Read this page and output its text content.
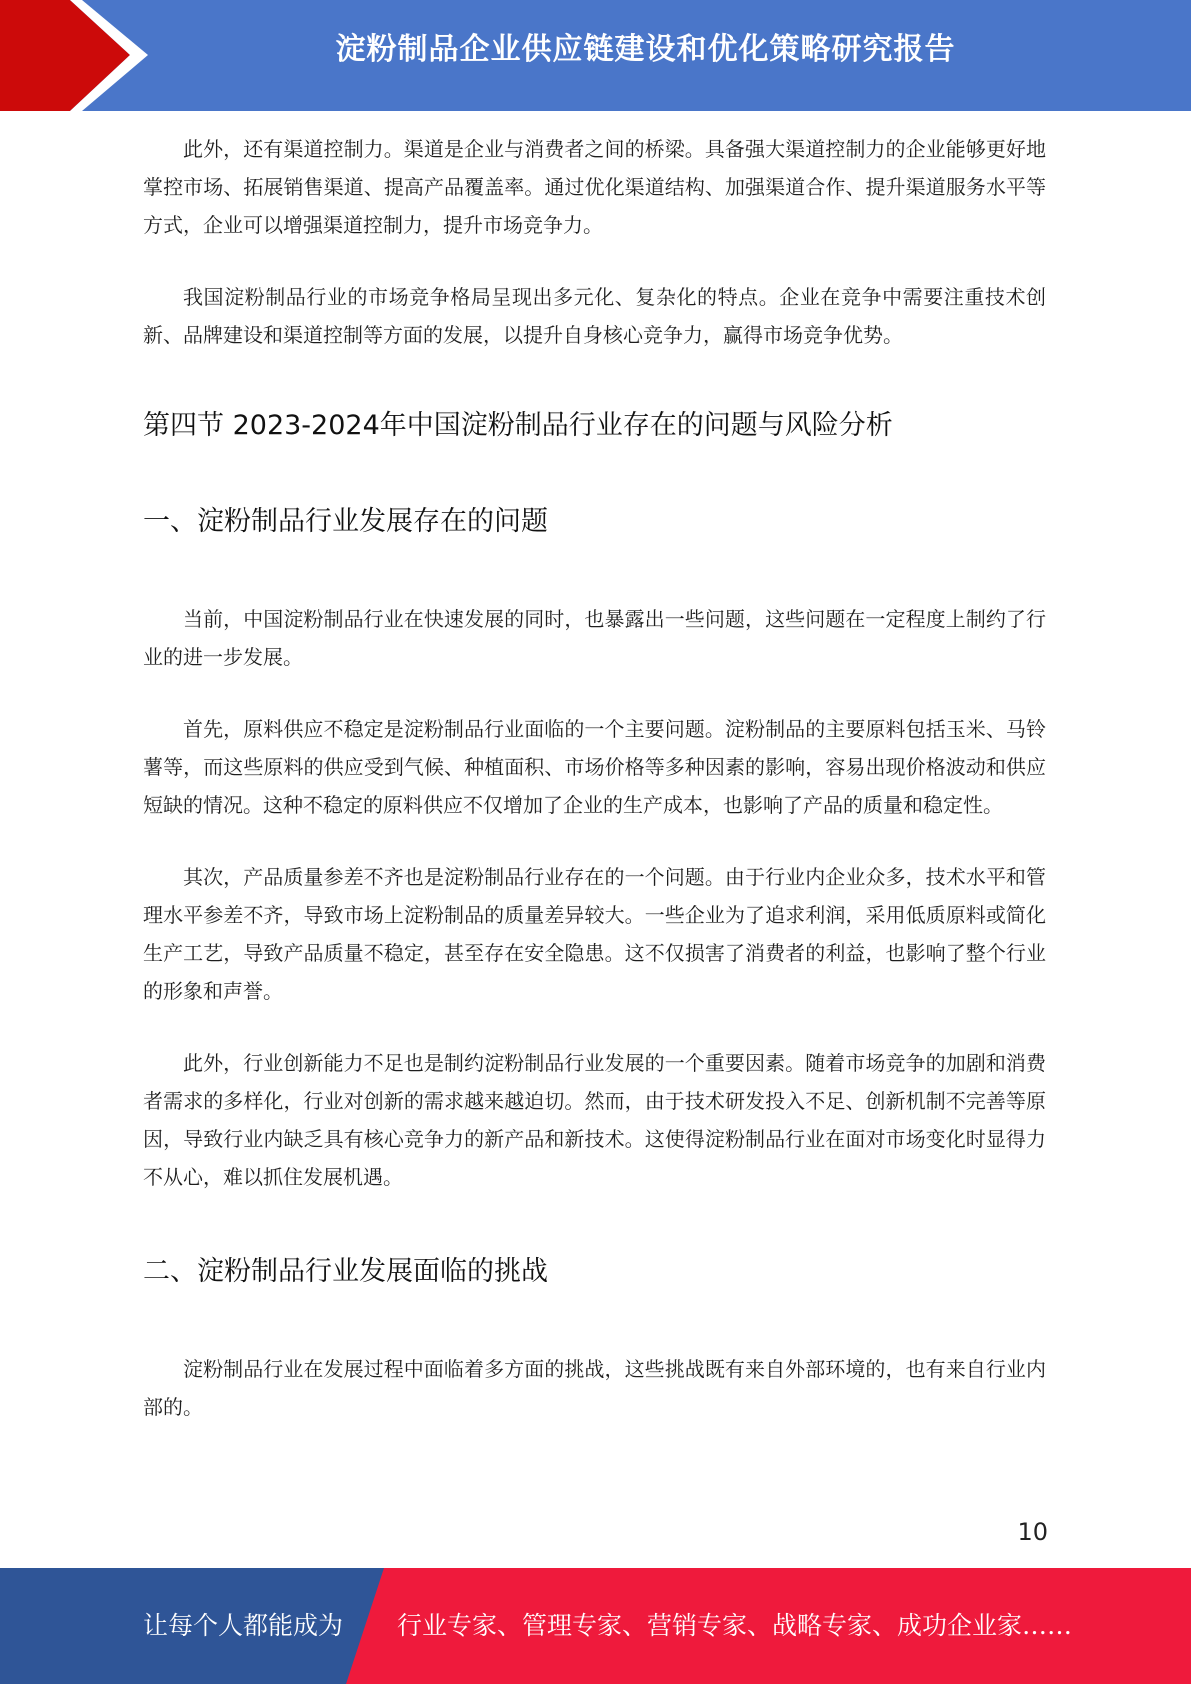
淀粉制品企业供应链建设和优化策略研究报告

此外，还有渠道控制力。渠道是企业与消费者之间的桥梁。具备强大渠道控制力的企业能够更好地掌控市场、拓展销售渠道、提高产品覆盖率。通过优化渠道结构、加强渠道合作、提升渠道服务水平等方式，企业可以增强渠道控制力，提升市场竞争力。

我国淀粉制品行业的市场竞争格局呈现出多元化、复杂化的特点。企业在竞争中需要注重技术创新、品牌建设和渠道控制等方面的发展，以提升自身核心竞争力，赢得市场竞争优势。

第四节 2023-2024年中国淀粉制品行业存在的问题与风险分析
一、淀粉制品行业发展存在的问题

当前，中国淀粉制品行业在快速发展的同时，也暴露出一些问题，这些问题在一定程度上制约了行业的进一步发展。

首先，原料供应不稳定是淀粉制品行业面临的一个主要问题。淀粉制品的主要原料包括玉米、马铃薯等，而这些原料的供应受到气候、种植面积、市场价格等多种因素的影响，容易出现价格波动和供应短缺的情况。这种不稳定的原料供应不仅增加了企业的生产成本，也影响了产品的质量和稳定性。

其次，产品质量参差不齐也是淀粉制品行业存在的一个问题。由于行业内企业众多，技术水平和管理水平参差不齐，导致市场上淀粉制品的质量差异较大。一些企业为了追求利润，采用低质原料或简化生产工艺，导致产品质量不稳定，甚至存在安全隐患。这不仅损害了消费者的利益，也影响了整个行业的形象和声誉。

此外，行业创新能力不足也是制约淀粉制品行业发展的一个重要因素。随着市场竞争的加剧和消费者需求的多样化，行业对创新的需求越来越迫切。然而，由于技术研发投入不足、创新机制不完善等原因，导致行业内缺乏具有核心竞争力的新产品和新技术。这使得淀粉制品行业在面对市场变化时显得力不从心，难以抓住发展机遇。

二、淀粉制品行业发展面临的挑战

淀粉制品行业在发展过程中面临着多方面的挑战，这些挑战既有来自外部环境的，也有来自行业内部的。

10
让每个人都能成为 行业专家、管理专家、营销专家、战略专家、成功企业家……
